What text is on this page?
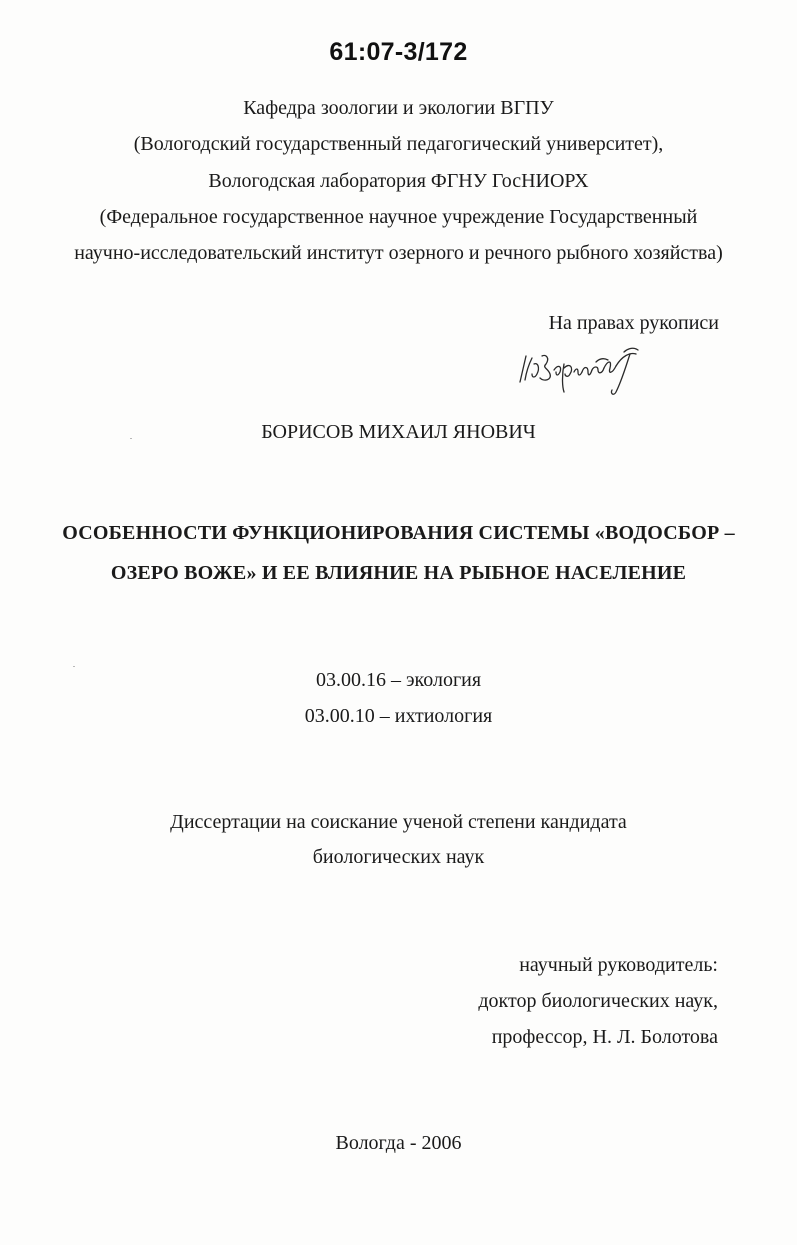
61:07-3/172
Кафедра зоологии и экологии ВГПУ
(Вологодский государственный педагогический университет),
Вологодская лаборатория ФГНУ ГосНИОРХ
(Федеральное государственное научное учреждение Государственный
научно-исследовательский институт озерного и речного рыбного хозяйства)
На правах рукописи
БОРИСОВ МИХАИЛ ЯНОВИЧ
ОСОБЕННОСТИ ФУНКЦИОНИРОВАНИЯ СИСТЕМЫ «ВОДОСБОР –
ОЗЕРО ВОЖЕ» И ЕЕ ВЛИЯНИЕ НА РЫБНОЕ НАСЕЛЕНИЕ
03.00.16 – экология
03.00.10 – ихтиология
Диссертации на соискание ученой степени кандидата
биологических наук
научный руководитель:
доктор биологических наук,
профессор, Н. Л. Болотова
Вологда - 2006
